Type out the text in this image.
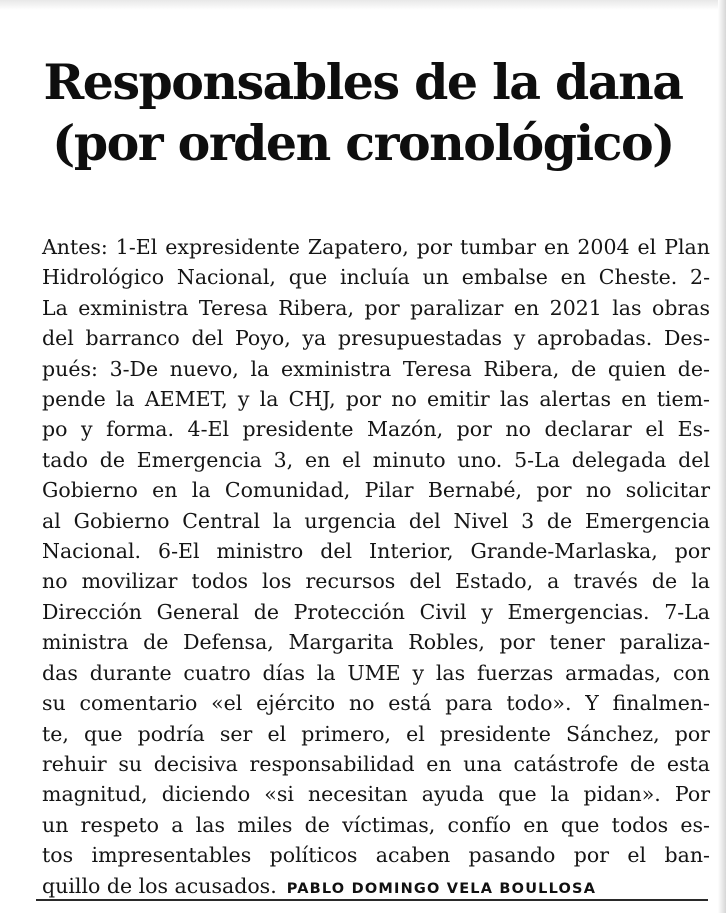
Responsables de la dana
(por orden cronológico)
Antes: 1-El expresidente Zapatero, por tumbar en 2004 el Plan
Hidrológico Nacional, que incluía un embalse en Cheste. 2-
La exministra Teresa Ribera, por paralizar en 2021 las obras
del barranco del Poyo, ya presupuestadas y aprobadas. Des-
pués: 3-De nuevo, la exministra Teresa Ribera, de quien de-
pende la AEMET, y la CHJ, por no emitir las alertas en tiem-
po y forma. 4-El presidente Mazón, por no declarar el Es-
tado de Emergencia 3, en el minuto uno. 5-La delegada del
Gobierno en la Comunidad, Pilar Bernabé, por no solicitar
al Gobierno Central la urgencia del Nivel 3 de Emergencia
Nacional. 6-El ministro del Interior, Grande-Marlaska, por
no movilizar todos los recursos del Estado, a través de la
Dirección General de Protección Civil y Emergencias. 7-La
ministra de Defensa, Margarita Robles, por tener paraliza-
das durante cuatro días la UME y las fuerzas armadas, con
su comentario «el ejército no está para todo». Y finalmen-
te, que podría ser el primero, el presidente Sánchez, por
rehuir su decisiva responsabilidad en una catástrofe de esta
magnitud, diciendo «si necesitan ayuda que la pidan». Por
un respeto a las miles de víctimas, confío en que todos es-
tos impresentables políticos acaben pasando por el ban-
quillo de los acusados. PABLO DOMINGO VELA BOULLOSA
